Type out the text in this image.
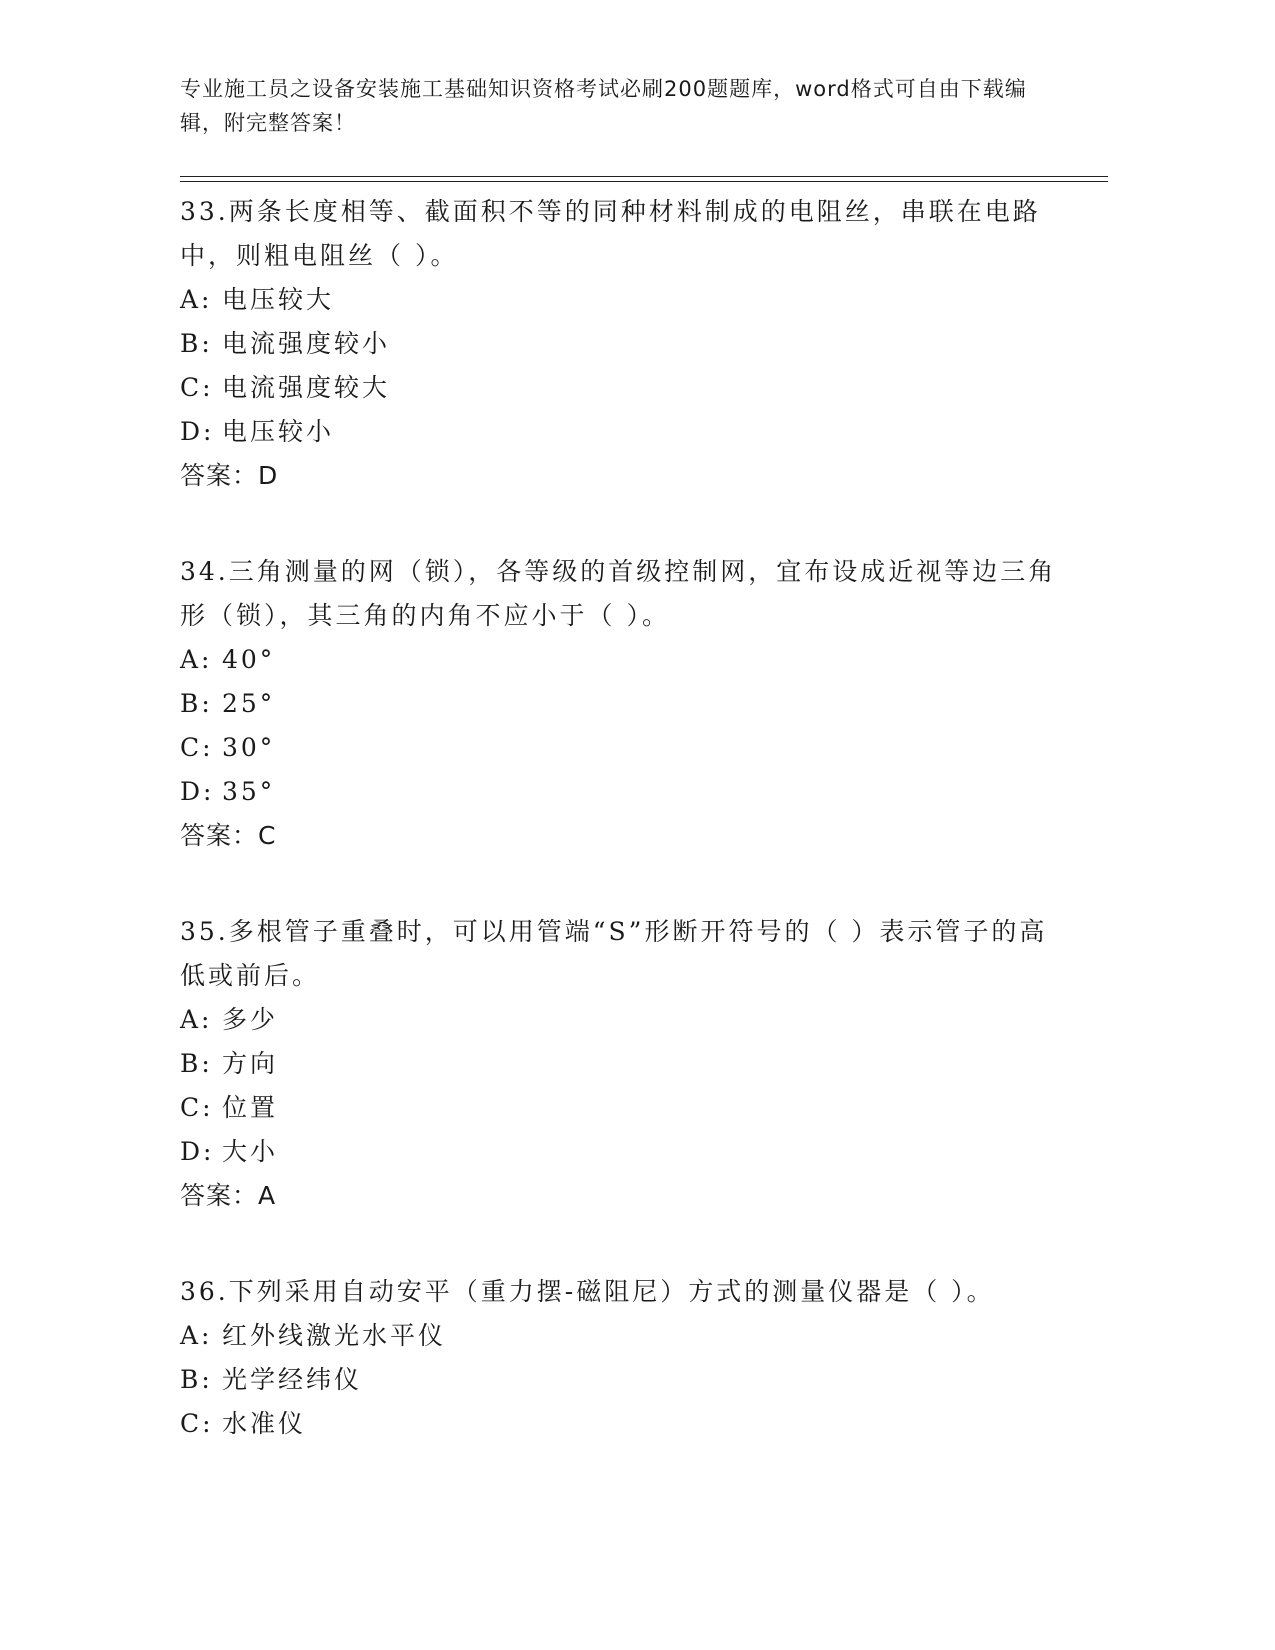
专业施工员之设备安装施工基础知识资格考试必刷200题题库，word格式可自由下载编辑，附完整答案！

33.两条长度相等、截面积不等的同种材料制成的电阻丝，串联在电路中，则粗电阻丝（ ）。

A: 电压较大

B: 电流强度较小

C: 电流强度较大

D: 电压较小

答案：D

34.三角测量的网（锁），各等级的首级控制网，宜布设成近视等边三角形（锁），其三角的内角不应小于（ ）。

A: 40°

B: 25°

C: 30°

D: 35°

答案：C

35.多根管子重叠时，可以用管端“S”形断开符号的（ ）表示管子的高低或前后。

A: 多少

B: 方向

C: 位置

D: 大小

答案：A

36.下列采用自动安平（重力摆-磁阻尼）方式的测量仪器是（ ）。

A: 红外线激光水平仪

B: 光学经纬仪

C: 水准仪
